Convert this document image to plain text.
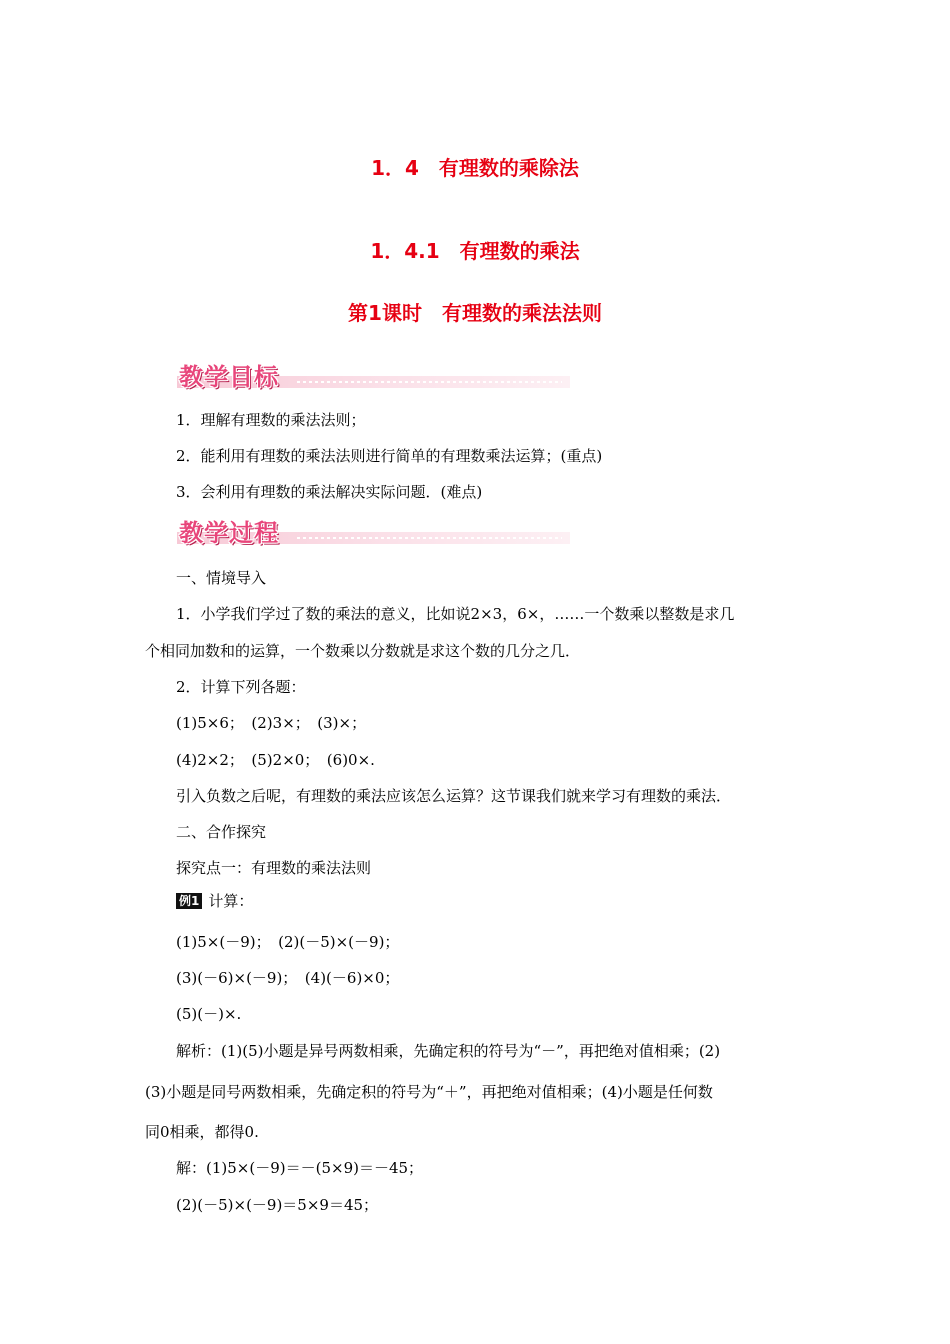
1．4　有理数的乘除法
1．4.1　有理数的乘法
第1课时　有理数的乘法法则
教学目标
1．理解有理数的乘法法则；
2．能利用有理数的乘法法则进行简单的有理数乘法运算；(重点)
3．会利用有理数的乘法解决实际问题．(难点)
教学过程
一、情境导入
1．小学我们学过了数的乘法的意义，比如说2×3，6×，……一个数乘以整数是求几
个相同加数和的运算，一个数乘以分数就是求这个数的几分之几．
2．计算下列各题：
(1)5×6；　(2)3×；　(3)×；
(4)2×2；　(5)2×0；　(6)0×.
引入负数之后呢，有理数的乘法应该怎么运算？这节课我们就来学习有理数的乘法．
二、合作探究
探究点一：有理数的乘法法则
例1 计算：
(1)5×(－9)；　(2)(－5)×(－9)；
(3)(－6)×(－9)；　(4)(－6)×0；
(5)(－)×.
解析：(1)(5)小题是异号两数相乘，先确定积的符号为“－”，再把绝对值相乘；(2)
(3)小题是同号两数相乘，先确定积的符号为“＋”，再把绝对值相乘；(4)小题是任何数
同0相乘，都得0.
解：(1)5×(－9)＝－(5×9)＝－45；
(2)(－5)×(－9)＝5×9＝45；
